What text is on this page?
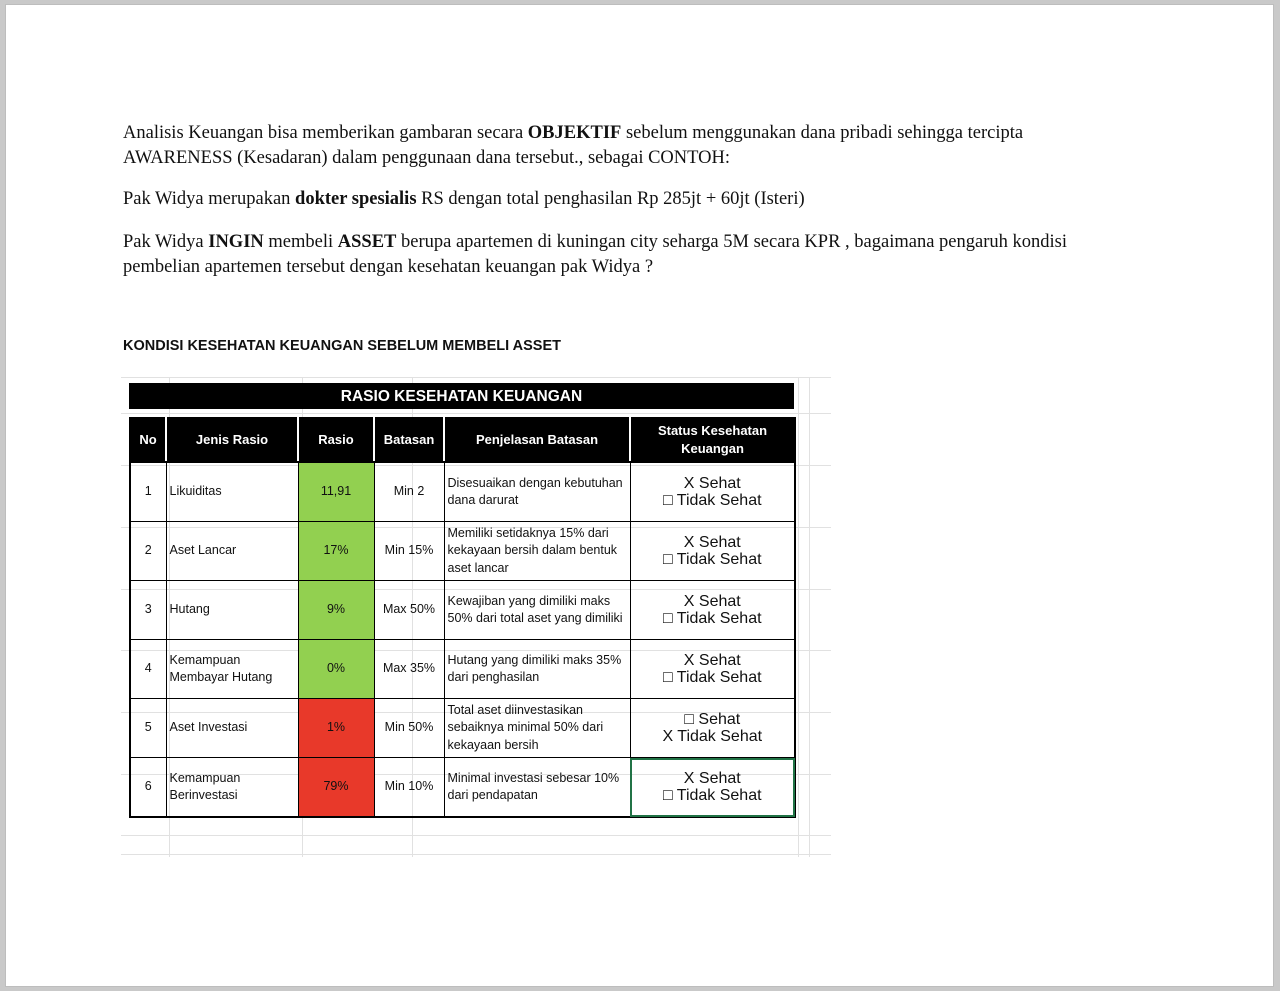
Analisis Keuangan bisa memberikan gambaran secara OBJEKTIF sebelum menggunakan dana pribadi sehingga tercipta AWARENESS (Kesadaran) dalam penggunaan dana tersebut., sebagai CONTOH:

Pak Widya merupakan dokter spesialis RS dengan total penghasilan Rp 285jt + 60jt (Isteri)

Pak Widya INGIN membeli ASSET berupa apartemen di kuningan city seharga 5M secara KPR , bagaimana pengaruh kondisi pembelian apartemen tersebut dengan kesehatan keuangan pak Widya ?

KONDISI KESEHATAN KEUANGAN SEBELUM MEMBELI ASSET
RASIO KESEHATAN KEUANGAN
No	Jenis Rasio	Rasio	Batasan	Penjelasan Batasan	Status Kesehatan Keuangan
1	Likuiditas	11,91	Min 2	Disesuaikan dengan kebutuhan dana darurat	X Sehat
□ Tidak Sehat

2	Aset Lancar	17%	Min 15%	Memiliki setidaknya 15% dari kekayaan bersih dalam bentuk aset lancar	X Sehat
□ Tidak Sehat

3	Hutang	9%	Max 50%	Kewajiban yang dimiliki maks 50% dari total aset yang dimiliki	X Sehat
□ Tidak Sehat

4	Kemampuan Membayar Hutang	0%	Max 35%	Hutang yang dimiliki maks 35% dari penghasilan	X Sehat
□ Tidak Sehat

5	Aset Investasi	1%	Min 50%	Total aset diinvestasikan sebaiknya minimal 50% dari kekayaan bersih	□ Sehat
X Tidak Sehat

6	Kemampuan Berinvestasi	79%	Min 10%	Minimal investasi sebesar 10% dari pendapatan	X Sehat
□ Tidak Sehat
